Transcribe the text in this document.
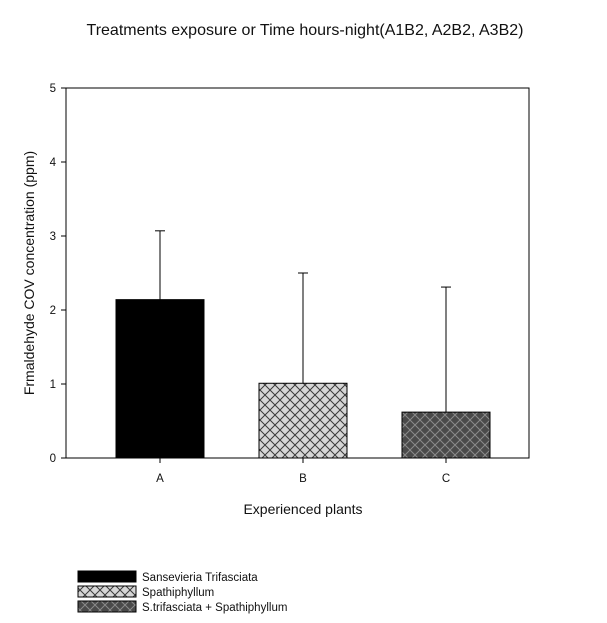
Treatments exposure or Time hours-night(A1B2, A2B2, A3B2)
0
1
2
3
4
5
A	B	C
Experienced plants
Frmaldehyde COV concentration (ppm)
Sansevieria Trifasciata
Spathiphyllum
S.trifasciata + Spathiphyllum
